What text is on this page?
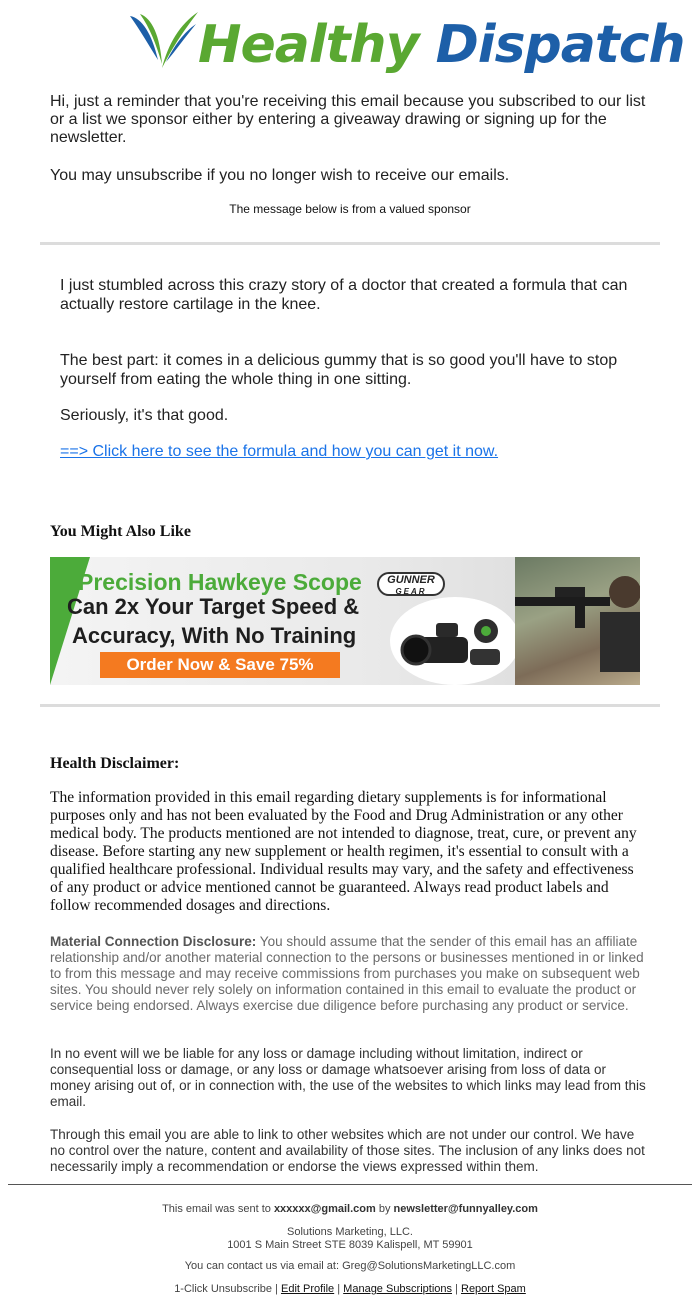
Healthy Dispatch

Hi, just a reminder that you're receiving this email because you subscribed to our list or a list we sponsor either by entering a giveaway drawing or signing up for the newsletter.

You may unsubscribe if you no longer wish to receive our emails.

The message below is from a valued sponsor

I just stumbled across this crazy story of a doctor that created a formula that can actually restore cartilage in the knee.

The best part: it comes in a delicious gummy that is so good you'll have to stop yourself from eating the whole thing in one sitting.

Seriously, it's that good.

==> Click here to see the formula and how you can get it now.
You Might Also Like
Precision Hawkeye Scope
Can 2x Your Target Speed &
Accuracy, With No Training
Order Now & Save 75%
GUNNER
GEAR
Health Disclaimer:

The information provided in this email regarding dietary supplements is for informational purposes only and has not been evaluated by the Food and Drug Administration or any other medical body. The products mentioned are not intended to diagnose, treat, cure, or prevent any disease. Before starting any new supplement or health regimen, it's essential to consult with a qualified healthcare professional. Individual results may vary, and the safety and effectiveness of any product or advice mentioned cannot be guaranteed. Always read product labels and follow recommended dosages and directions.

Material Connection Disclosure: You should assume that the sender of this email has an affiliate relationship and/or another material connection to the persons or businesses mentioned in or linked to from this message and may receive commissions from purchases you make on subsequent web sites. You should never rely solely on information contained in this email to evaluate the product or service being endorsed. Always exercise due diligence before purchasing any product or service.

In no event will we be liable for any loss or damage including without limitation, indirect or consequential loss or damage, or any loss or damage whatsoever arising from loss of data or money arising out of, or in connection with, the use of the websites to which links may lead from this email.

Through this email you are able to link to other websites which are not under our control. We have no control over the nature, content and availability of those sites. The inclusion of any links does not necessarily imply a recommendation or endorse the views expressed within them.

This email was sent to xxxxxx@gmail.com by newsletter@funnyalley.com
Solutions Marketing, LLC.
1001 S Main Street STE 8039 Kalispell, MT 59901
You can contact us via email at: Greg@SolutionsMarketingLLC.com
1-Click Unsubscribe | Edit Profile | Manage Subscriptions | Report Spam
